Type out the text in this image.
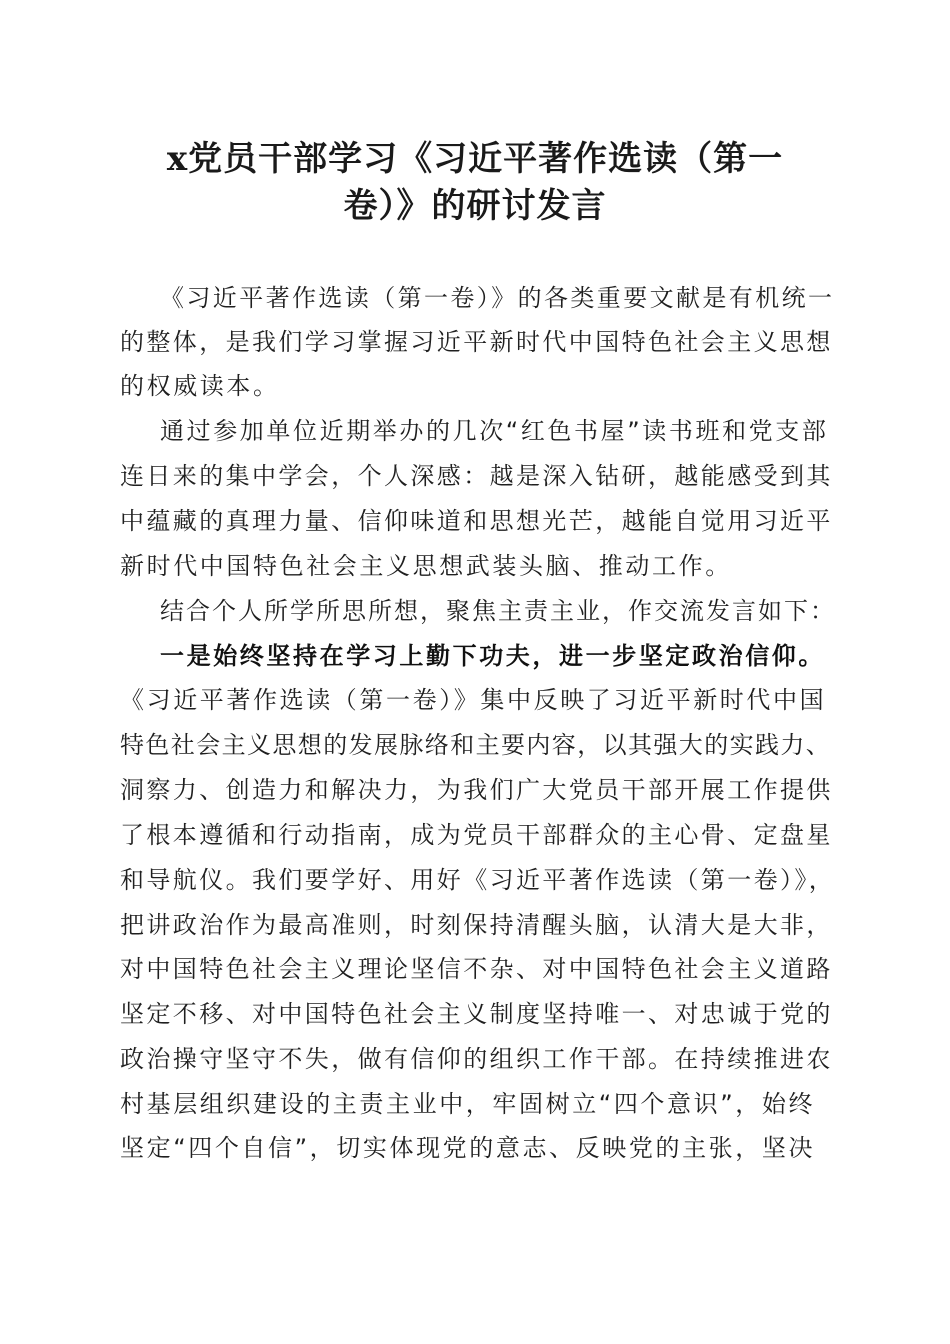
x党员干部学习《习近平著作选读（第一
卷）》的研讨发言

《习近平著作选读（第一卷）》的各类重要文献是有机统一

的整体，是我们学习掌握习近平新时代中国特色社会主义思想

的权威读本。

通过参加单位近期举办的几次“红色书屋”读书班和党支部

连日来的集中学会，个人深感：越是深入钻研，越能感受到其

中蕴藏的真理力量、信仰味道和思想光芒，越能自觉用习近平

新时代中国特色社会主义思想武装头脑、推动工作。

结合个人所学所思所想，聚焦主责主业，作交流发言如下：

一是始终坚持在学习上勤下功夫，进一步坚定政治信仰。

《习近平著作选读（第一卷）》集中反映了习近平新时代中国

特色社会主义思想的发展脉络和主要内容，以其强大的实践力、

洞察力、创造力和解决力，为我们广大党员干部开展工作提供

了根本遵循和行动指南，成为党员干部群众的主心骨、定盘星

和导航仪。我们要学好、用好《习近平著作选读（第一卷）》，

把讲政治作为最高准则，时刻保持清醒头脑，认清大是大非，

对中国特色社会主义理论坚信不杂、对中国特色社会主义道路

坚定不移、对中国特色社会主义制度坚持唯一、对忠诚于党的

政治操守坚守不失，做有信仰的组织工作干部。在持续推进农

村基层组织建设的主责主业中，牢固树立“四个意识”，始终

坚定“四个自信”，切实体现党的意志、反映党的主张，坚决
